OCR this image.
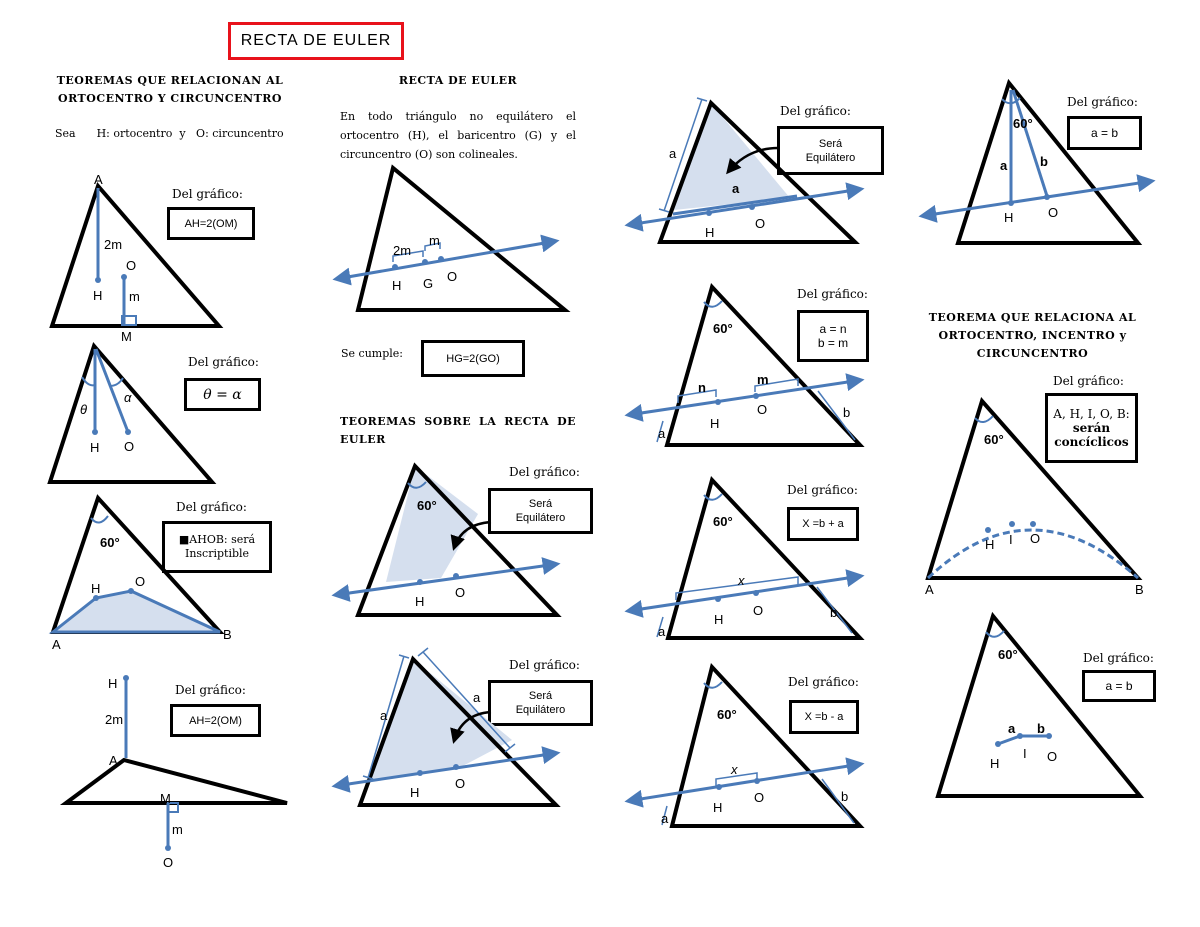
RECTA DE EULER
TEOREMAS QUE RELACIONAN AL ORTOCENTRO Y CIRCUNCENTRO
Sea      H: ortocentro  y   O: circuncentro
Del gráfico:
AH=2(OM)
Del gráfico:
θ = α
Del gráfico:
■AHOB: será
Inscriptible
Del gráfico:
AH=2(OM)
RECTA DE EULER
En todo triángulo no equilátero el ortocentro (H), el baricentro (G) y el circuncentro (O) son colineales.
Se cumple:	HG=2(GO)
TEOREMAS SOBRE LA RECTA DE EULER
Del gráfico:
Será
Equilátero
Del gráfico:
Será
Equilátero
Del gráfico:
Será
Equilátero
Del gráfico:
a = n
b = m
Del gráfico:
X =b + a
Del gráfico:
X =b - a
Del gráfico:
a = b
TEOREMA QUE RELACIONA AL ORTOCENTRO, INCENTRO y CIRCUNCENTRO
Del gráfico:
A, H, I, O, B:
serán
concíclicos
Del gráfico:
a = b
A
2m
H
O
m
M
θ
α
H O
60°
H	O
A
B
H
2m
A
M
m
O
2m
m
H G O
60°
H
O
a
a
H
O
a
a
H
O
60°
n
m
a
b
H
O
60°
x
a
b
H
O
60°
x
a
b
H
O
60°
a	b
H	O
60°
H I O
A	B
60°
a b
H
I O
